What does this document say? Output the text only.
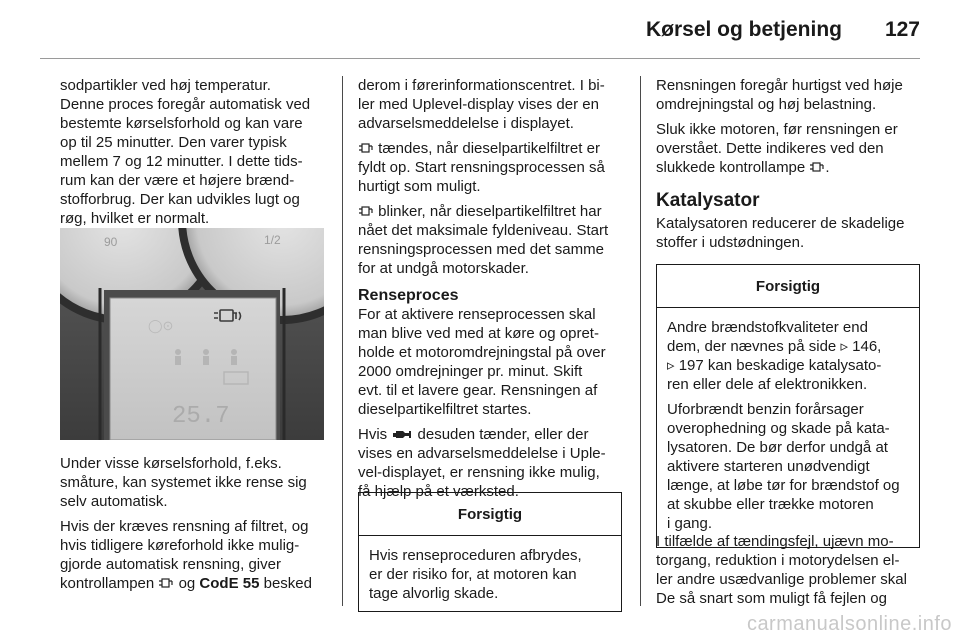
Kørsel og betjening 127
sodpartikler ved høj temperatur.
Denne proces foregår automatisk ved
bestemte kørselsforhold og kan vare
op til 25 minutter. Den varer typisk
mellem 7 og 12 minutter. I dette tids-
rum kan der være et højere brænd-
stofforbrug. Der kan udvikles lugt og
røg, hvilket er normalt.
90	1/2
◯⊙
25.7
Under visse kørselsforhold, f.eks.
småture, kan systemet ikke rense sig
selv automatisk.
Hvis der kræves rensning af filtret, og
hvis tidligere køreforhold ikke mulig-
gjorde automatisk rensning, giver
kontrollampen og CodE 55 besked
derom i førerinformationscentret. I bi-
ler med Uplevel-display vises der en
advarselsmeddelelse i displayet.
tændes, når dieselpartikelfiltret er
fyldt op. Start rensningsprocessen så
hurtigt som muligt.
blinker, når dieselpartikelfiltret har
nået det maksimale fyldeniveau. Start
rensningsprocessen med det samme
for at undgå motorskader.
Renseproces
For at aktivere renseprocessen skal
man blive ved med at køre og opret-
holde et motoromdrejningstal på over
2000 omdrejninger pr. minut. Skift
evt. til et lavere gear. Rensningen af
dieselpartikelfiltret startes.
Hvis desuden tænder, eller der
vises en advarselsmeddelelse i Uple-
vel-displayet, er rensning ikke mulig,
få hjælp på et værksted.
Forsigtig
Hvis renseproceduren afbrydes,
er der risiko for, at motoren kan
tage alvorlig skade.
Rensningen foregår hurtigst ved høje
omdrejningstal og høj belastning.
Sluk ikke motoren, før rensningen er
overstået. Dette indikeres ved den
slukkede kontrollampe .
Katalysator
Katalysatoren reducerer de skadelige
stoffer i udstødningen.
Forsigtig
Andre brændstofkvaliteter end
dem, der nævnes på side ▹ 146,
▹ 197 kan beskadige katalysato-
ren eller dele af elektronikken.
Uforbrændt benzin forårsager
overophedning og skade på kata-
lysatoren. De bør derfor undgå at
aktivere starteren unødvendigt
længe, at løbe tør for brændstof og
at skubbe eller trække motoren
i gang.
I tilfælde af tændingsfejl, ujævn mo-
torgang, reduktion i motorydelsen el-
ler andre usædvanlige problemer skal
De så snart som muligt få fejlen og
carmanualsonline.info
